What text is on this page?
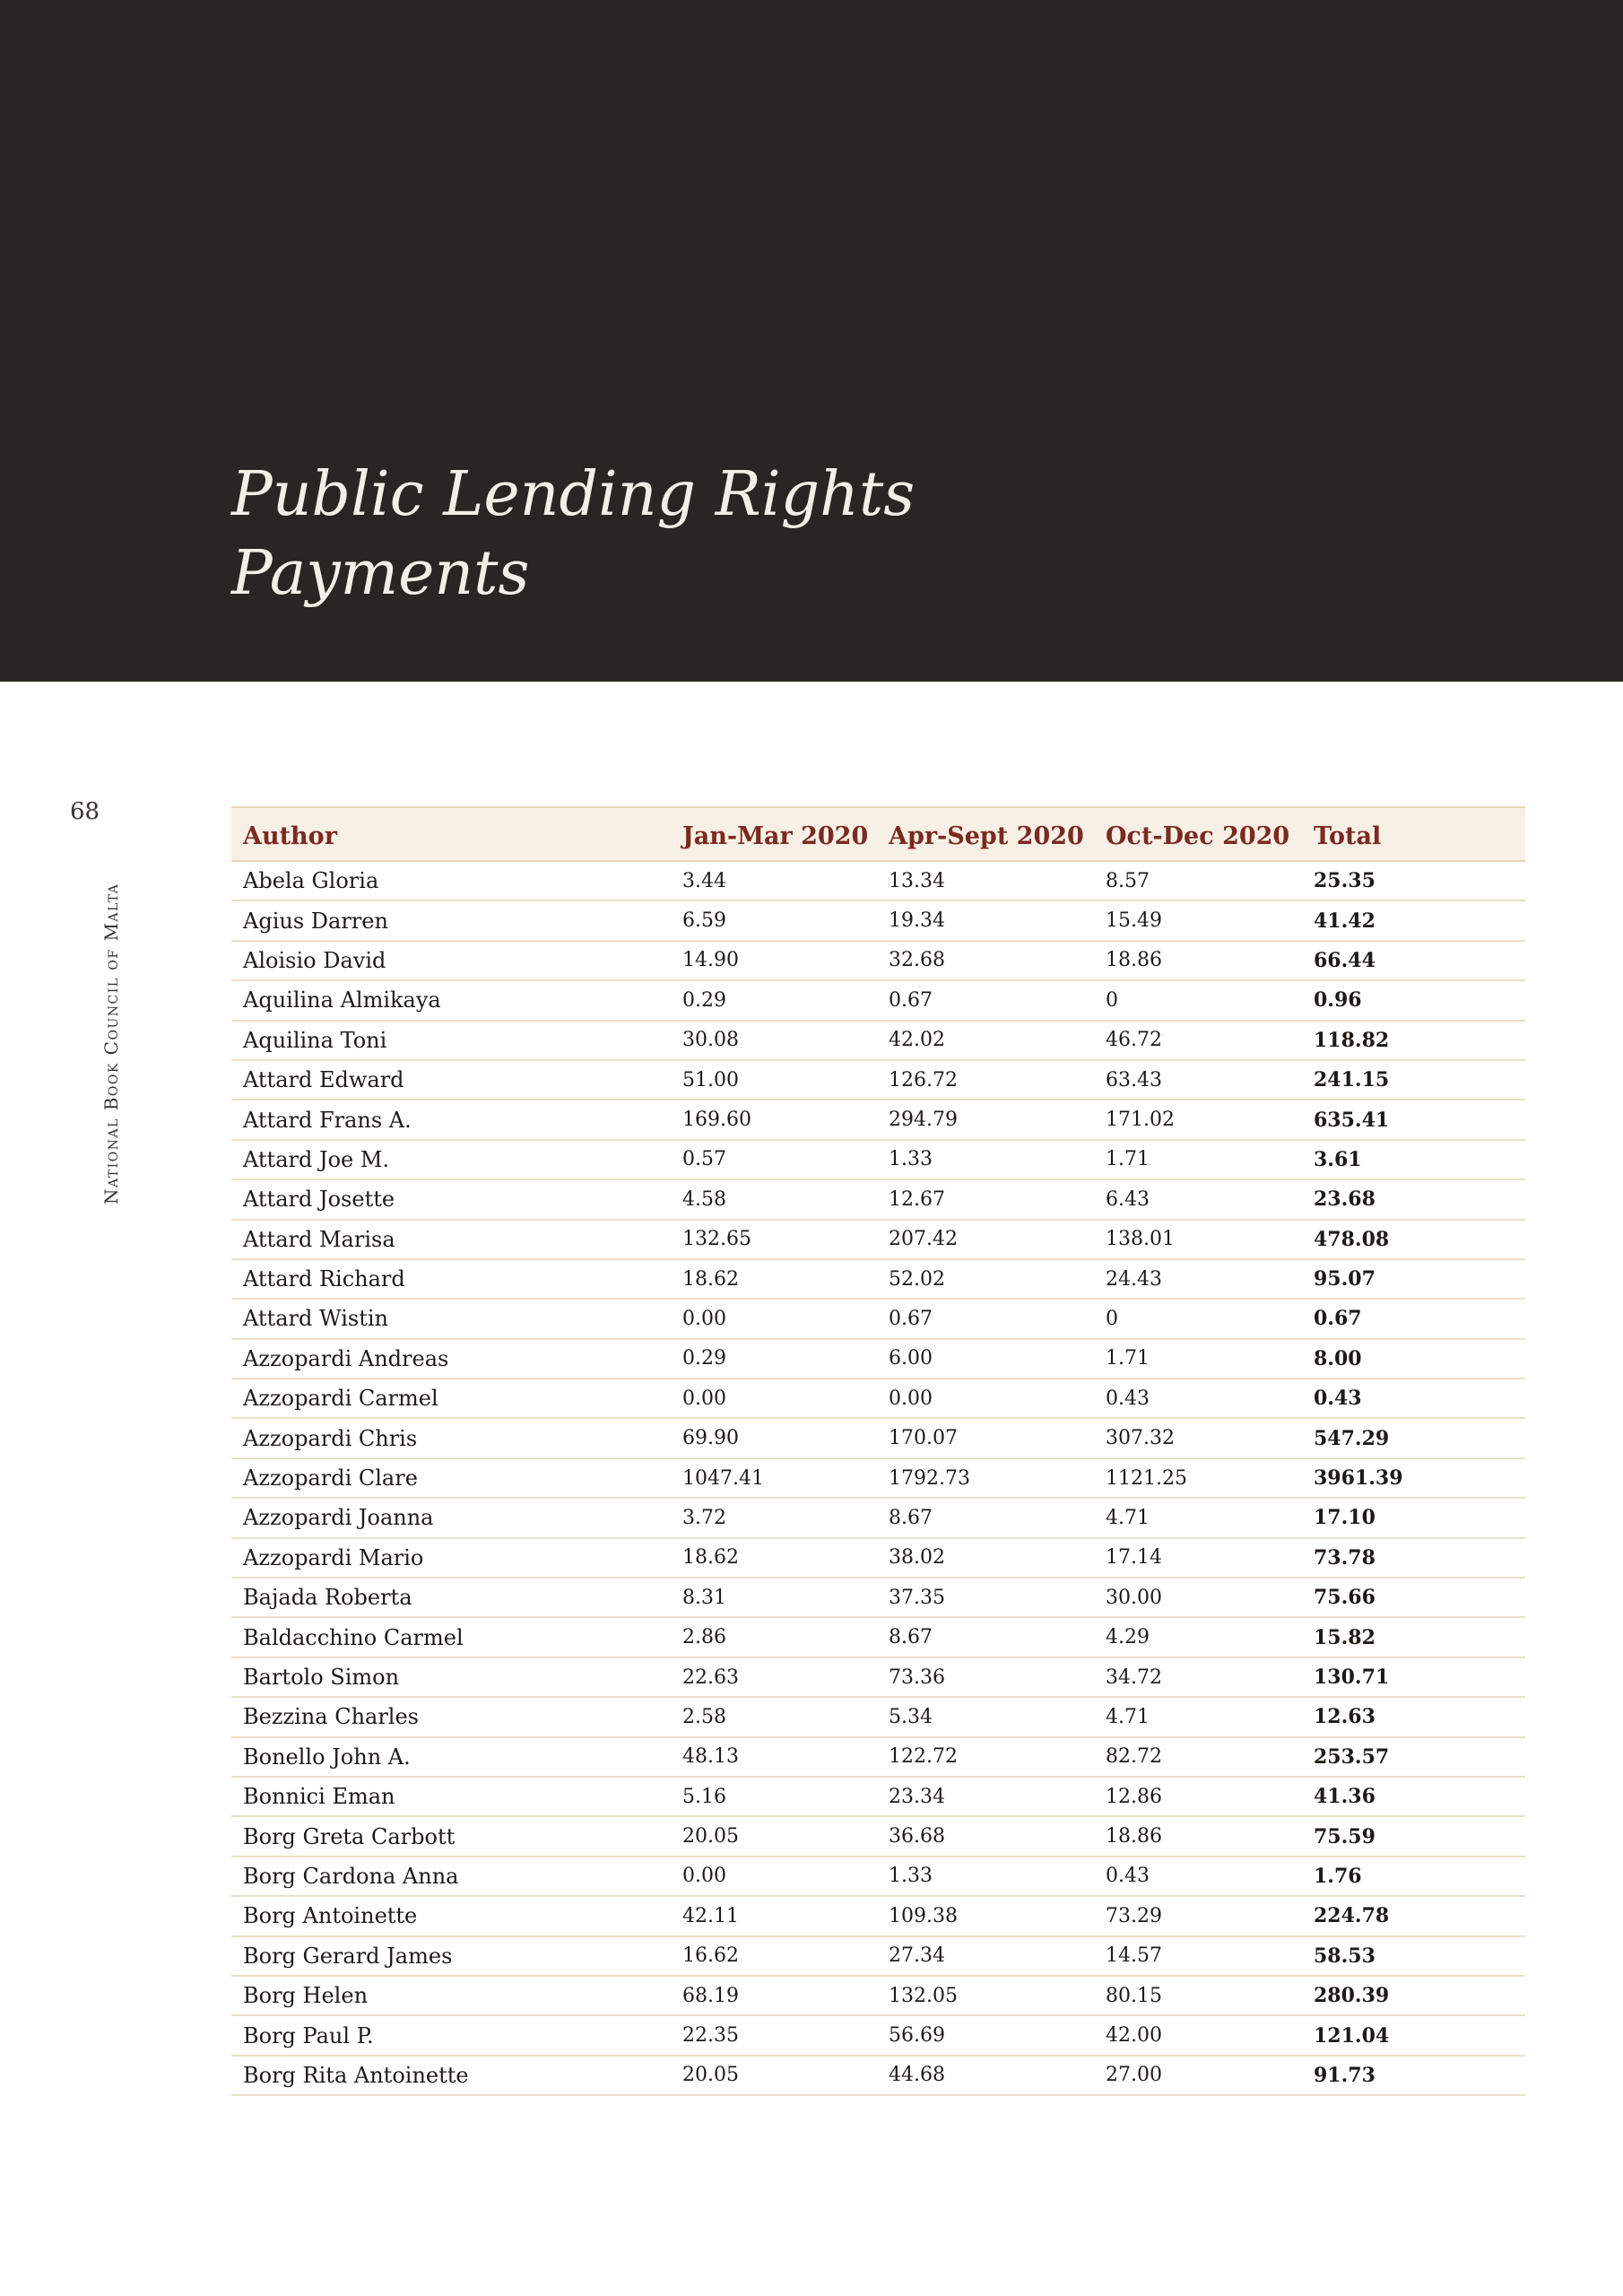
Public Lending Rights
Payments
68
National Book Council of Malta
Author	Jan-Mar 2020	Apr-Sept 2020	Oct-Dec 2020	Total
Abela Gloria	3.44	13.34	8.57	25.35
Agius Darren	6.59	19.34	15.49	41.42
Aloisio David	14.90	32.68	18.86	66.44
Aquilina Almikaya	0.29	0.67	0	0.96
Aquilina Toni	30.08	42.02	46.72	118.82
Attard Edward	51.00	126.72	63.43	241.15
Attard Frans A.	169.60	294.79	171.02	635.41
Attard Joe M.	0.57	1.33	1.71	3.61
Attard Josette	4.58	12.67	6.43	23.68
Attard Marisa	132.65	207.42	138.01	478.08
Attard Richard	18.62	52.02	24.43	95.07
Attard Wistin	0.00	0.67	0	0.67
Azzopardi Andreas	0.29	6.00	1.71	8.00
Azzopardi Carmel	0.00	0.00	0.43	0.43
Azzopardi Chris	69.90	170.07	307.32	547.29
Azzopardi Clare	1047.41	1792.73	1121.25	3961.39
Azzopardi Joanna	3.72	8.67	4.71	17.10
Azzopardi Mario	18.62	38.02	17.14	73.78
Bajada Roberta	8.31	37.35	30.00	75.66
Baldacchino Carmel	2.86	8.67	4.29	15.82
Bartolo Simon	22.63	73.36	34.72	130.71
Bezzina Charles	2.58	5.34	4.71	12.63
Bonello John A.	48.13	122.72	82.72	253.57
Bonnici Eman	5.16	23.34	12.86	41.36
Borg Greta Carbott	20.05	36.68	18.86	75.59
Borg Cardona Anna	0.00	1.33	0.43	1.76
Borg Antoinette	42.11	109.38	73.29	224.78
Borg Gerard James	16.62	27.34	14.57	58.53
Borg Helen	68.19	132.05	80.15	280.39
Borg Paul P.	22.35	56.69	42.00	121.04
Borg Rita Antoinette	20.05	44.68	27.00	91.73
